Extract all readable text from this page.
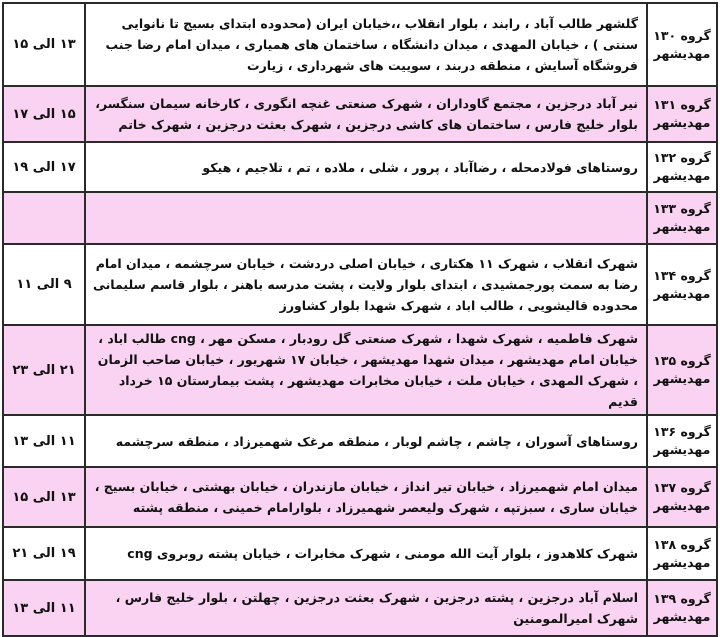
۱۳ الی ۱۵	گلشهر طالب آباد ، رابند ، بلوار انقلاب ،،خیابان ایران (محدوده ابتدای بسیج تا نانوایی سنتی ) ، خیابان المهدی ، میدان دانشگاه ، ساختمان های همیاری ، میدان امام رضا جنب فروشگاه آسایش ، منطقه دربند ، سوییت های شهرداری ، زیارت	گروه ۱۳۰
مهدیشهر

۱۵ الی ۱۷	نیر آباد درجزین ، مجتمع گاوداران ، شهرک صنعتی غنچه انگوری ، کارخانه سیمان سنگسر، بلوار خلیج فارس ، ساختمان های کاشی درجزین ، شهرک بعثت درجزین ، شهرک خاتم	گروه ۱۳۱
مهدیشهر

۱۷ الی ۱۹	روستاهای فولادمحله ، رضاآباد ، پرور ، شلی ، ملاده ، تم ، تلاجیم ، هیکو	گروه ۱۳۲
مهدیشهر

		گروه ۱۳۳
مهدیشهر

۹ الی ۱۱	شهرک انقلاب ، شهرک ۱۱ هکتاری ، خیابان اصلی دردشت ، خیابان سرچشمه ، میدان امام رضا به سمت پورجمشیدی ، ابتدای بلوار ولایت ، پشت مدرسه باهنر ، بلوار قاسم سلیمانی محدوده قالیشویی ، طالب اباد ، شهرک شهدا بلوار کشاورز	گروه ۱۳۴
مهدیشهر

۲۱ الی ۲۳	شهرک فاطمیه ، شهرک شهدا ، شهرک صنعتی گل رودبار ، مسکن مهر ، cng طالب اباد ، خیابان امام مهدیشهر ، میدان شهدا مهدیشهر ، خیابان ۱۷ شهریور ، خیابان صاحب الزمان ، شهرک المهدی ، خیابان ملت ، خیابان مخابرات مهدیشهر ، پشت بیمارستان ۱۵ خرداد قدیم	گروه ۱۳۵
مهدیشهر

۱۱ الی ۱۳	روستاهای آسوران ، چاشم ، چاشم لوبار ، منطقه مرغک شهمیرزاد ، منطقه سرچشمه	گروه ۱۳۶
مهدیشهر

۱۳ الی ۱۵	میدان امام شهمیرزاد ، خیابان تیر انداز ، خیابان مازندران ، خیابان بهشتی ، خیابان بسیج ، خیابان ساری ، سبزتپه ، شهرک ولیعصر شهمیرزاد ، بلوارامام خمینی ، منطقه پشته	گروه ۱۳۷
مهدیشهر

۱۹ الی ۲۱	شهرک کلاهدوز ، بلوار آیت الله مومنی ، شهرک مخابرات ، خیابان پشته روبروی cng	گروه ۱۳۸
مهدیشهر

۱۱ الی ۱۳	اسلام آباد درجزین ، پشته درجزین ، شهرک بعثت درجزین ، چهلتن ، بلوار خلیج فارس ، شهرک امیرالمومنین	گروه ۱۳۹
مهدیشهر
